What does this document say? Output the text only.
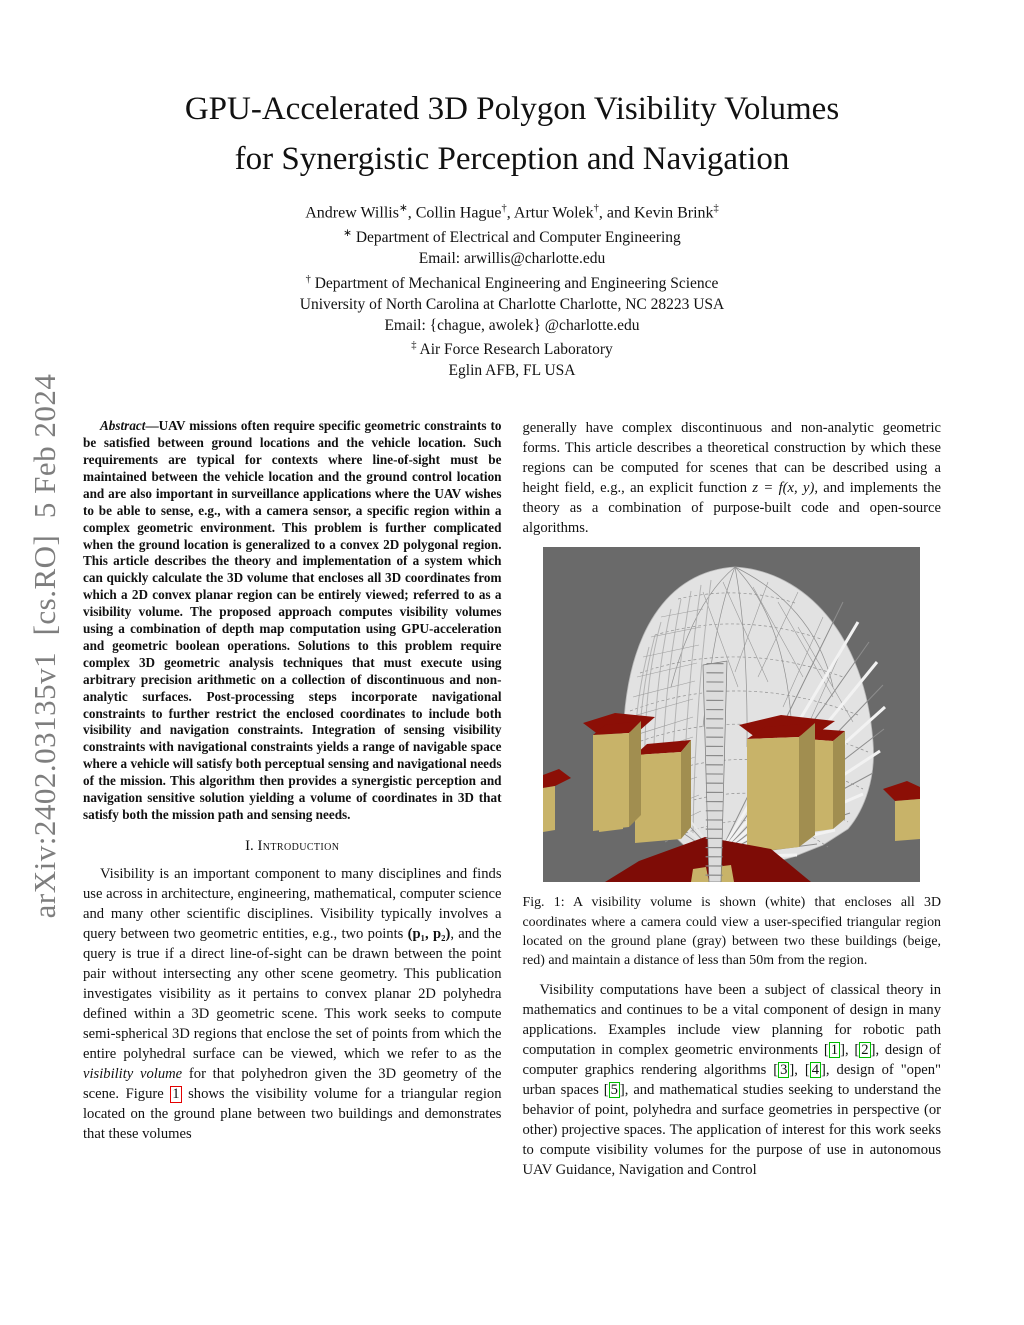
arXiv:2402.03135v1  [cs.RO]  5 Feb 2024
GPU-Accelerated 3D Polygon Visibility Volumes
for Synergistic Perception and Navigation
Andrew Willis∗, Collin Hague†, Artur Wolek†, and Kevin Brink‡
∗ Department of Electrical and Computer Engineering
Email: arwillis@charlotte.edu
† Department of Mechanical Engineering and Engineering Science
University of North Carolina at Charlotte Charlotte, NC 28223 USA
Email: {chague, awolek} @charlotte.edu
‡ Air Force Research Laboratory
Eglin AFB, FL USA

Abstract—UAV missions often require specific geometric constraints to be satisfied between ground locations and the vehicle location. Such requirements are typical for contexts where line-of-sight must be maintained between the vehicle location and the ground control location and are also important in surveillance applications where the UAV wishes to be able to sense, e.g., with a camera sensor, a specific region within a complex geometric environment. This problem is further complicated when the ground location is generalized to a convex 2D polygonal region. This article describes the theory and implementation of a system which can quickly calculate the 3D volume that encloses all 3D coordinates from which a 2D convex planar region can be entirely viewed; referred to as a visibility volume. The proposed approach computes visibility volumes using a combination of depth map computation using GPU-acceleration and geometric boolean operations. Solutions to this problem require complex 3D geometric analysis techniques that must execute using arbitrary precision arithmetic on a collection of discontinuous and non-analytic surfaces. Post-processing steps incorporate navigational constraints to further restrict the enclosed coordinates to include both visibility and navigation constraints. Integration of sensing visibility constraints with navigational constraints yields a range of navigable space where a vehicle will satisfy both perceptual sensing and navigational needs of the mission. This algorithm then provides a synergistic perception and navigation sensitive solution yielding a volume of coordinates in 3D that satisfy both the mission path and sensing needs.

I. Introduction

Visibility is an important component to many disciplines and finds use across in architecture, engineering, mathematical, computer science and many other scientific disciplines. Visibility typically involves a query between two geometric entities, e.g., two points (p₁, p₂), and the query is true if a direct line-of-sight can be drawn between the point pair without intersecting any other scene geometry. This publication investigates visibility as it pertains to convex planar 2D polyhedra defined within a 3D geometric scene. This work seeks to compute semi-spherical 3D regions that enclose the set of points from which the entire polyhedral surface can be viewed, which we refer to as the visibility volume for that polyhedron given the 3D geometry of the scene. Figure 1 shows the visibility volume for a triangular region located on the ground plane between two buildings and demonstrates that these volumes

generally have complex discontinuous and non-analytic geometric forms. This article describes a theoretical construction by which these regions can be computed for scenes that can be described using a height field, e.g., an explicit function z = f(x, y), and implements the theory as a combination of purpose-built code and open-source algorithms.

Fig. 1: A visibility volume is shown (white) that encloses all 3D coordinates where a camera could view a user-specified triangular region located on the ground plane (gray) between two these buildings (beige, red) and maintain a distance of less than 50m from the region.

Visibility computations have been a subject of classical theory in mathematics and continues to be a vital component of design in many applications. Examples include view planning for robotic path computation in complex geometric environments [ 1 ], [ 2 ], design of computer graphics rendering algorithms [ 3 ], [ 4 ], design of "open" urban spaces [ 5 ], and mathematical studies seeking to understand the behavior of point, polyhedra and surface geometries in perspective (or other) projective spaces. The application of interest for this work seeks to compute visibility volumes for the purpose of use in autonomous UAV Guidance, Navigation and Control
